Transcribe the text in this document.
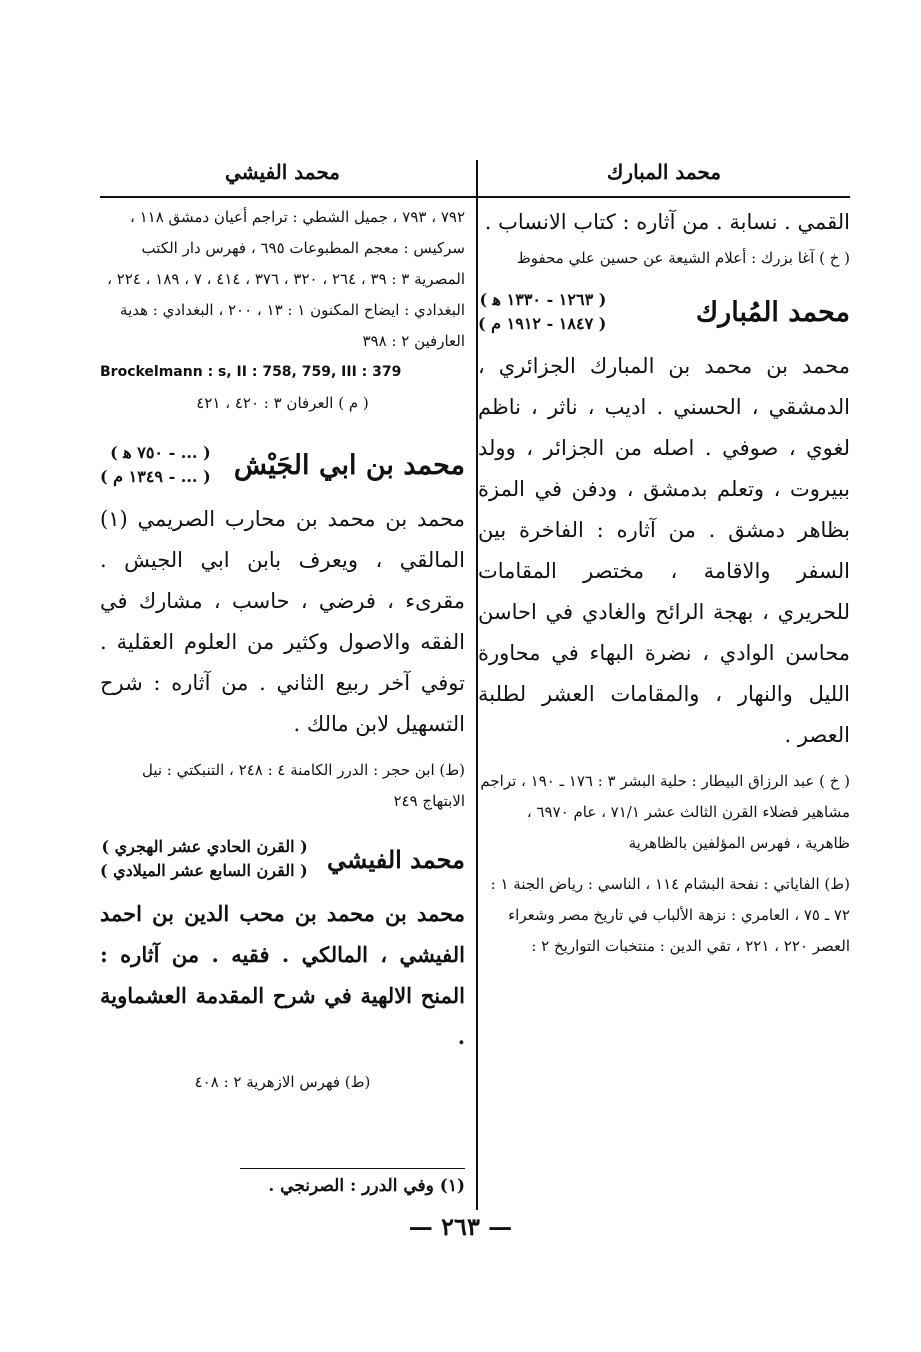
محمد المبارك

القمي . نسابة . من آثاره : كتاب الانساب .

( خ ) آغا بزرك : أعلام الشيعة عن حسين علي محفوظ

محمد المُبارك
( ١٢٦٣ - ١٣٣٠ ﻫ )
( ١٨٤٧ - ١٩١٢ م )

محمد بن محمد بن المبارك الجزائري ، الدمشقي ، الحسني . اديب ، ناثر ، ناظم لغوي ، صوفي . اصله من الجزائر ، وولد ببيروت ، وتعلم بدمشق ، ودفن في المزة بظاهر دمشق . من آثاره : الفاخرة بين السفر والاقامة ، مختصر المقامات للحريري ، بهجة الرائح والغادي في احاسن محاسن الوادي ، نضرة البهاء في محاورة الليل والنهار ، والمقامات العشر لطلبة العصر .

( خ ) عبد الرزاق البيطار : حلية البشر ٣ : ١٧٦ ـ ١٩٠ ، تراجم مشاهير فضلاء القرن الثالث عشر ٧١/١ ، عام ٦٩٧٠ ، ظاهرية ، فهرس المؤلفين بالظاهرية

(ط) الفاياتي : نفحة البشام ١١٤ ، الناسي : رياض الجنة ١ : ٧٢ ـ ٧٥ ، العامري : نزهة الألباب في تاريخ مصر وشعراء العصر ٢٢٠ ، ٢٢١ ، تقي الدين : منتخبات التواريخ ٢ :

محمد الفيشي

٧٩٢ ، ٧٩٣ ، جميل الشطي : تراجم أعيان دمشق ١١٨ ، سركيس : معجم المطبوعات ٦٩٥ ، فهرس دار الكتب المصرية ٣ : ٣٩ ، ٢٦٤ ، ٣٢٠ ، ٣٧٦ ، ٤١٤ ، ٧ ، ١٨٩ ، ٢٢٤ ، البغدادي : ايضاح المكنون ١ : ١٣ ، ٢٠٠ ، البغدادي : هدية العارفين ٢ : ٣٩٨

Brockelmann : s, II : 758, 759, III : 379

( م ) العرفان ٣ : ٤٢٠ ، ٤٢١

محمد بن ابي الجَيْش
( ... - ٧٥٠ ﻫ )
( ... - ١٣٤٩ م )

محمد بن محمد بن محارب الصريمي (١) المالقي ، ويعرف بابن ابي الجيش . مقرىء ، فرضي ، حاسب ، مشارك في الفقه والاصول وكثير من العلوم العقلية . توفي آخر ربيع الثاني . من آثاره : شرح التسهيل لابن مالك .

(ط) ابن حجر : الدرر الكامنة ٤ : ٢٤٨ ، التنبكتي : نيل الابتهاج ٢٤٩

محمد الفيشي
( القرن الحادي عشر الهجري )
( القرن السابع عشر الميلادي )

محمد بن محمد بن محب الدين بن احمد الفيشي ، المالكي . فقيه . من آثاره : المنح الالهية في شرح المقدمة العشماوية .

(ط) فهرس الازهرية ٢ : ٤٠٨

(١) وفي الدرر : الصرنجي .
— ٢٦٣ —
